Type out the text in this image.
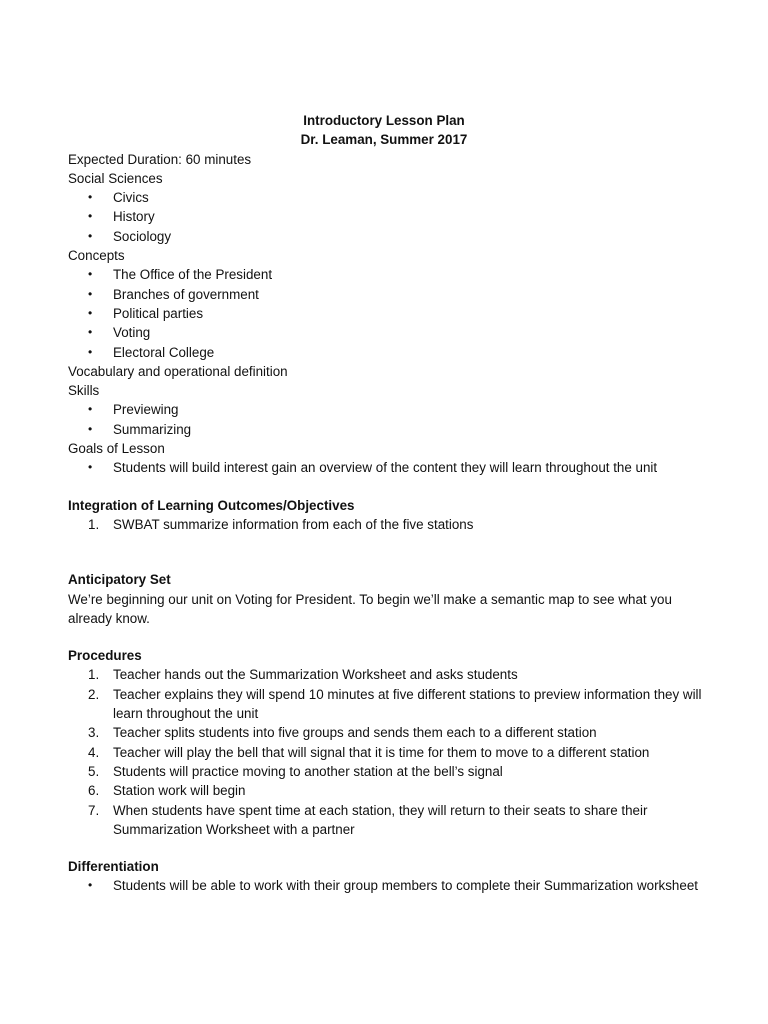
Introductory Lesson Plan
Dr. Leaman, Summer 2017
Expected Duration: 60 minutes
Social Sciences
•	Civics
•	History
•	Sociology
Concepts
•	The Office of the President
•	Branches of government
•	Political parties
•	Voting
•	Electoral College
Vocabulary and operational definition
Skills
•	Previewing
•	Summarizing
Goals of Lesson
•	Students will build interest gain an overview of the content they will learn throughout the unit
Integration of Learning Outcomes/Objectives
1.	SWBAT summarize information from each of the five stations
Anticipatory Set
We’re beginning our unit on Voting for President. To begin we’ll make a semantic map to see what you already know.
Procedures
1.	Teacher hands out the Summarization Worksheet and asks students
2.	Teacher explains they will spend 10 minutes at five different stations to preview information they will learn throughout the unit
3.	Teacher splits students into five groups and sends them each to a different station
4.	Teacher will play the bell that will signal that it is time for them to move to a different station
5.	Students will practice moving to another station at the bell’s signal
6.	Station work will begin
7.	When students have spent time at each station, they will return to their seats to share their Summarization Worksheet with a partner
Differentiation
•	Students will be able to work with their group members to complete their Summarization worksheet
